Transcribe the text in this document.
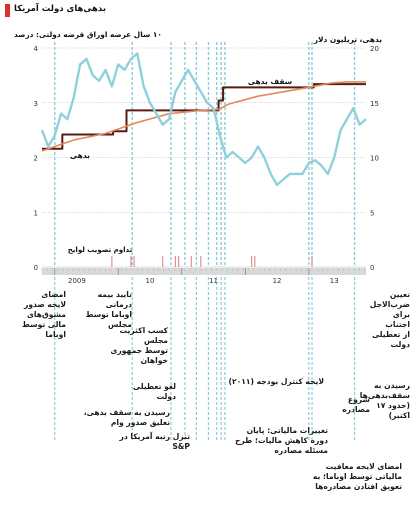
بدهی‌های دولت آمریکا
۱۰ سال عرضه اوراق قرضه دولتی: درصد
بدهی، تریلیون دلار
4	20
3	15
2	10
1	5
0	0
تداوم تصویب لوایح
2009	10	11	12	13
بدهی
سقف بدهی
امضای
لایحه صدور
مشوق‌های
مالی توسط
اوباما
تایید بیمه درمانی
اوباما توسط
مجلس
کسب اکثریت مجلس
توسط جمهوری خواهان
لغو تعطیلی دولت
رسیدن به سقف بدهی، تعلیق صدور وام
تنزل رتبه آمریکا در S&P
لایحه کنترل بودجه (۲۰۱۱)
تغییرات مالیاتی: پایان
دوره کاهش مالیات؛ طرح
مسئله مصادره
شروع
مصادره
امضای لایحه معافیت
مالیاتی توسط اوباما؛ به
تعویق افتادن مصادره‌ها
تعیین
ضرب‌الاجل
برای اجتناب
از تعطیلی
دولت
رسیدن به
سقف‌بدهی‌ها
(حدود ۱۷
اکتبر)
